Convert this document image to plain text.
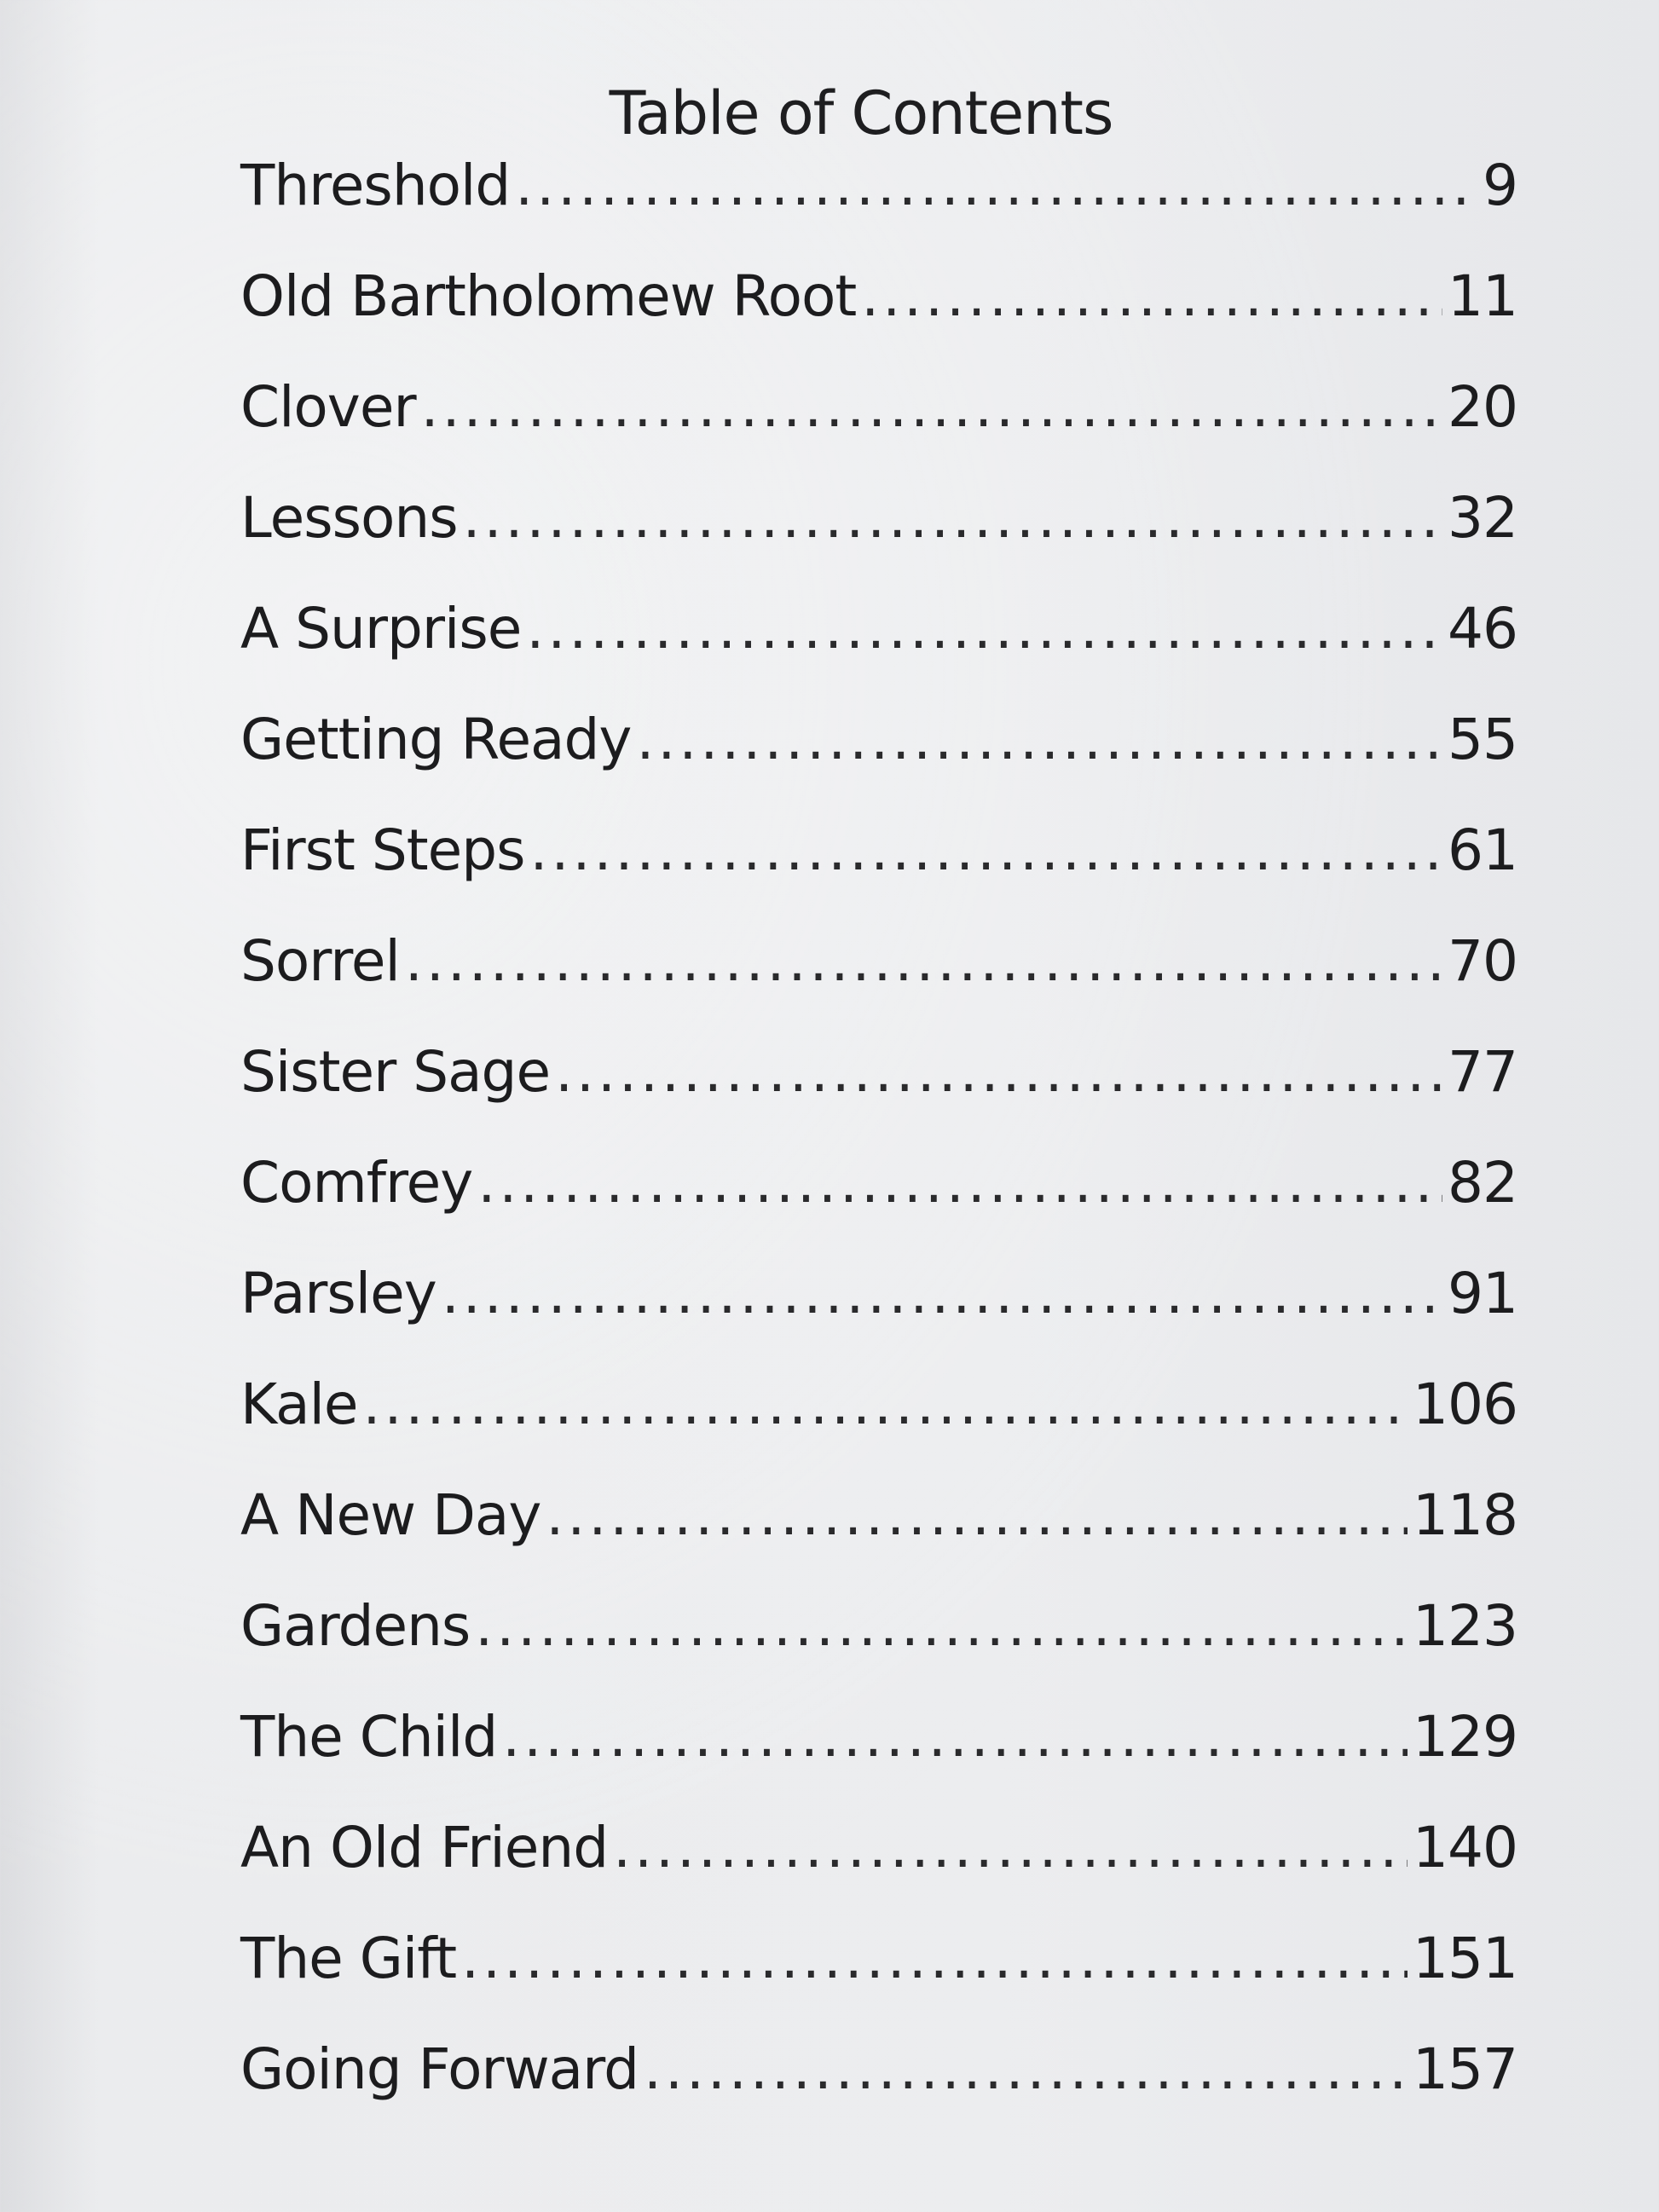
Table of Contents
Threshold .....	9
Old Bartholomew Root .....	11
Clover .....	20
Lessons .....	32
A Surprise .....	46
Getting Ready .....	55
First Steps .....	61
Sorrel .....	70
Sister Sage .....	77
Comfrey .....	82
Parsley .....	91
Kale .....	106
A New Day .....	118
Gardens .....	123
The Child .....	129
An Old Friend .....	140
The Gift .....	151
Going Forward .....	157
